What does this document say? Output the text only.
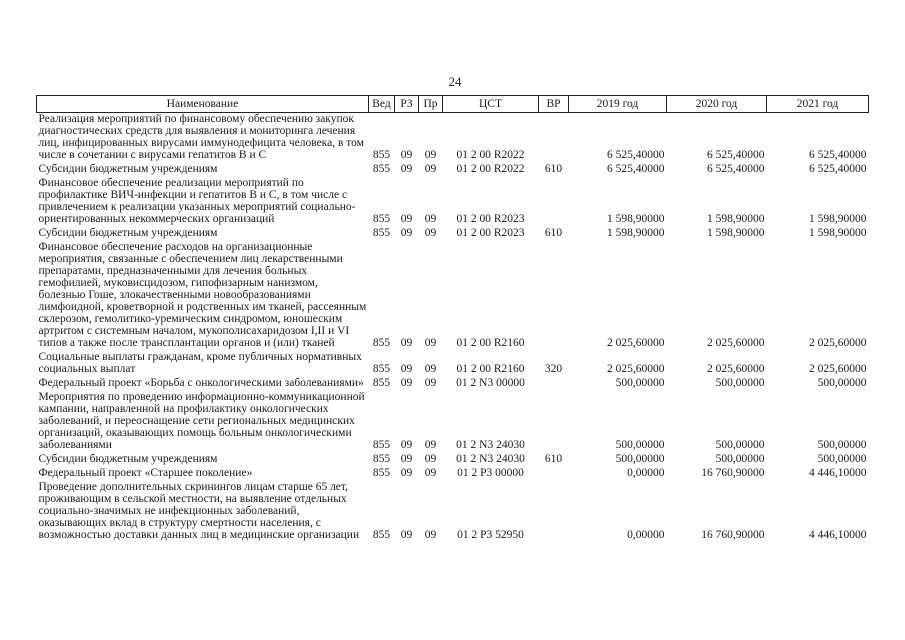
24
Наименование	Вед	РЗ	Пр	ЦСТ	ВР	2019 год	2020 год	2021 год
Реализация мероприятий по финансовому обеспечению закупок диагностических средств для выявления и мониторинга лечения лиц, инфицированных вирусами иммунодефицита человека, в том числе в сочетании с вирусами гепатитов В и С	855	09	09	01 2 00 R2022		6 525,40000	6 525,40000	6 525,40000
Субсидии бюджетным учреждениям	855	09	09	01 2 00 R2022	610	6 525,40000	6 525,40000	6 525,40000
Финансовое обеспечение реализации мероприятий по профилактике ВИЧ-инфекции и гепатитов В и С, в том числе с привлечением к реализации указанных мероприятий социально-ориентированных некоммерческих организаций	855	09	09	01 2 00 R2023		1 598,90000	1 598,90000	1 598,90000
Субсидии бюджетным учреждениям	855	09	09	01 2 00 R2023	610	1 598,90000	1 598,90000	1 598,90000
Финансовое обеспечение расходов на организационные мероприятия, связанные с обеспечением лиц лекарственными препаратами, предназначенными для лечения больных гемофилией, муковисцидозом, гипофизарным нанизмом, болезнью Гоше, злокачественными новообразованиями лимфоидной, кроветворной и родственных им тканей, рассеянным склерозом, гемолитико-уремическим синдромом, юношеским артритом с системным началом, мукополисахаридозом I,II и VI типов а также после трансплантации органов и (или) тканей	855	09	09	01 2 00 R2160		2 025,60000	2 025,60000	2 025,60000
Социальные выплаты гражданам, кроме публичных нормативных социальных выплат	855	09	09	01 2 00 R2160	320	2 025,60000	2 025,60000	2 025,60000
Федеральный проект «Борьба с онкологическими заболеваниями»	855	09	09	01 2 N3 00000		500,00000	500,00000	500,00000
Мероприятия по проведению информационно-коммуникационной кампании, направленной на профилактику онкологических заболеваний, и переоснащение сети региональных медицинских организаций, оказывающих помощь больным онкологическими заболеваниями	855	09	09	01 2 N3 24030		500,00000	500,00000	500,00000
Субсидии бюджетным учреждениям	855	09	09	01 2 N3 24030	610	500,00000	500,00000	500,00000
Федеральный проект «Старшее поколение»	855	09	09	01 2 P3 00000		0,00000	16 760,90000	4 446,10000
Проведение дополнительных скринингов лицам старше 65 лет, проживающим в сельской местности, на выявление отдельных социально-значимых не инфекционных заболеваний, оказывающих вклад в структуру смертности населения, с возможностью доставки данных лиц в медицинские организации	855	09	09	01 2 P3 52950		0,00000	16 760,90000	4 446,10000
